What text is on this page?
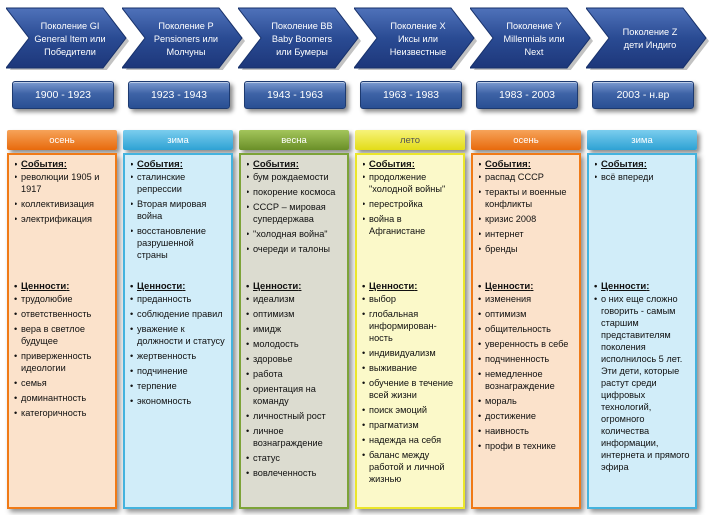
Поколение GI
General Item или
Победители
1900 - 1923
осень
• События :
• революции 1905 и 1917
• коллективизация
• электрификация
• Ценности :
• трудолюбие
• ответственность
• вера в светлое будущее
• приверженность идеологии
• семья
• доминантность
• категоричность
Поколение Р
Pensioners или
Молчуны
1923 - 1943
зима
• События :
• сталинские репрессии
• Вторая мировая война
• восстановление разрушенной страны
• Ценности :
• преданность
• соблюдение правил
• уважение к должности и статусу
• жертвенность
• подчинение
• терпение
• экономность
Поколение ВВ
Baby Boomers
или Бумеры
1943 - 1963
весна
• События :
• бум рождаемости
• покорение космоса
• СССР – мировая супердержава
• "холодная война"
• очереди и талоны
• Ценности :
• идеализм
• оптимизм
• имидж
• молодость
• здоровье
• работа
• ориентация на команду
• личностный рост
• личное вознаграждение
• статус
• вовлеченность
Поколение Х
Иксы или
Неизвестные
1963 - 1983
лето
• События :
• продолжение "холодной войны"
• перестройка
• война в Афганистане
• Ценности :
• выбор
• глобальная информирован-ность
• индивидуализм
• выживание
• обучение в течение всей жизни
• поиск эмоций
• прагматизм
• надежда на себя
• баланс между работой и личной жизнью
Поколение Y
Millennials или
Next
1983 - 2003
осень
• События :
• распад СССР
• теракты и военные конфликты
• кризис 2008
• интернет
• бренды
• Ценности :
• изменения
• оптимизм
• общительность
• уверенность в себе
• подчиненность
• немедленное вознаграждение
• мораль
• достижение
• наивность
• профи в технике
Поколение Z
дети Индиго
2003 - н.вр
зима
• События :
• всё впереди
• Ценности :
• о них еще сложно говорить - самым старшим представителям поколения исполнилось 5 лет. Эти дети, которые растут среди цифровых технологий, огромного количества информации, интернета и прямого эфира
